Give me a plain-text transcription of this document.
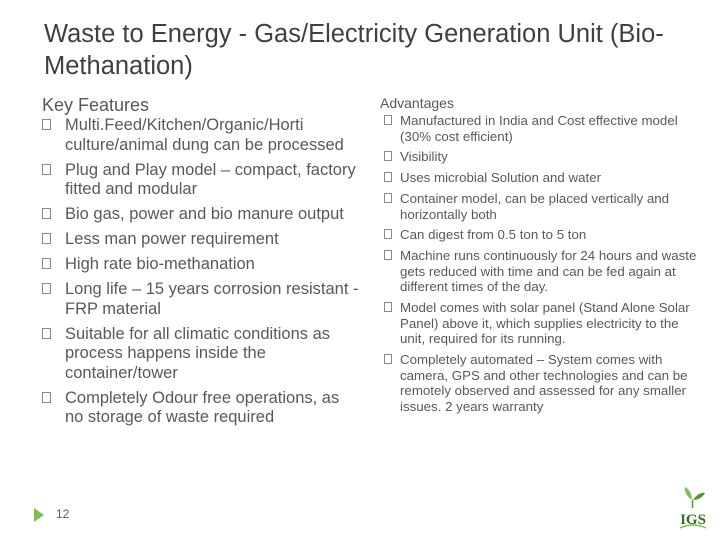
Waste to Energy - Gas/Electricity Generation Unit (Bio-Methanation)
Key Features
Multi.Feed/Kitchen/Organic/Horti culture/animal dung can be processed
Plug and Play model – compact, factory fitted and modular
Bio gas, power and bio manure output
Less man power requirement
High rate bio-methanation
Long life – 15 years corrosion resistant - FRP material
Suitable for all climatic conditions as process happens inside the container/tower
Completely Odour free operations, as no storage of waste required
Advantages
Manufactured in India and Cost effective model (30% cost efficient)
Visibility
Uses microbial Solution and water
Container model, can be placed vertically and horizontally both
Can digest from 0.5 ton to 5 ton
Machine runs continuously for 24 hours and waste gets reduced with time and can be fed again at different times of the day.
Model comes with solar panel (Stand Alone Solar Panel) above it, which supplies electricity to the unit, required for its running.
Completely automated – System comes with camera, GPS and other technologies and can be remotely observed and assessed for any smaller issues. 2 years warranty
12	IGS
